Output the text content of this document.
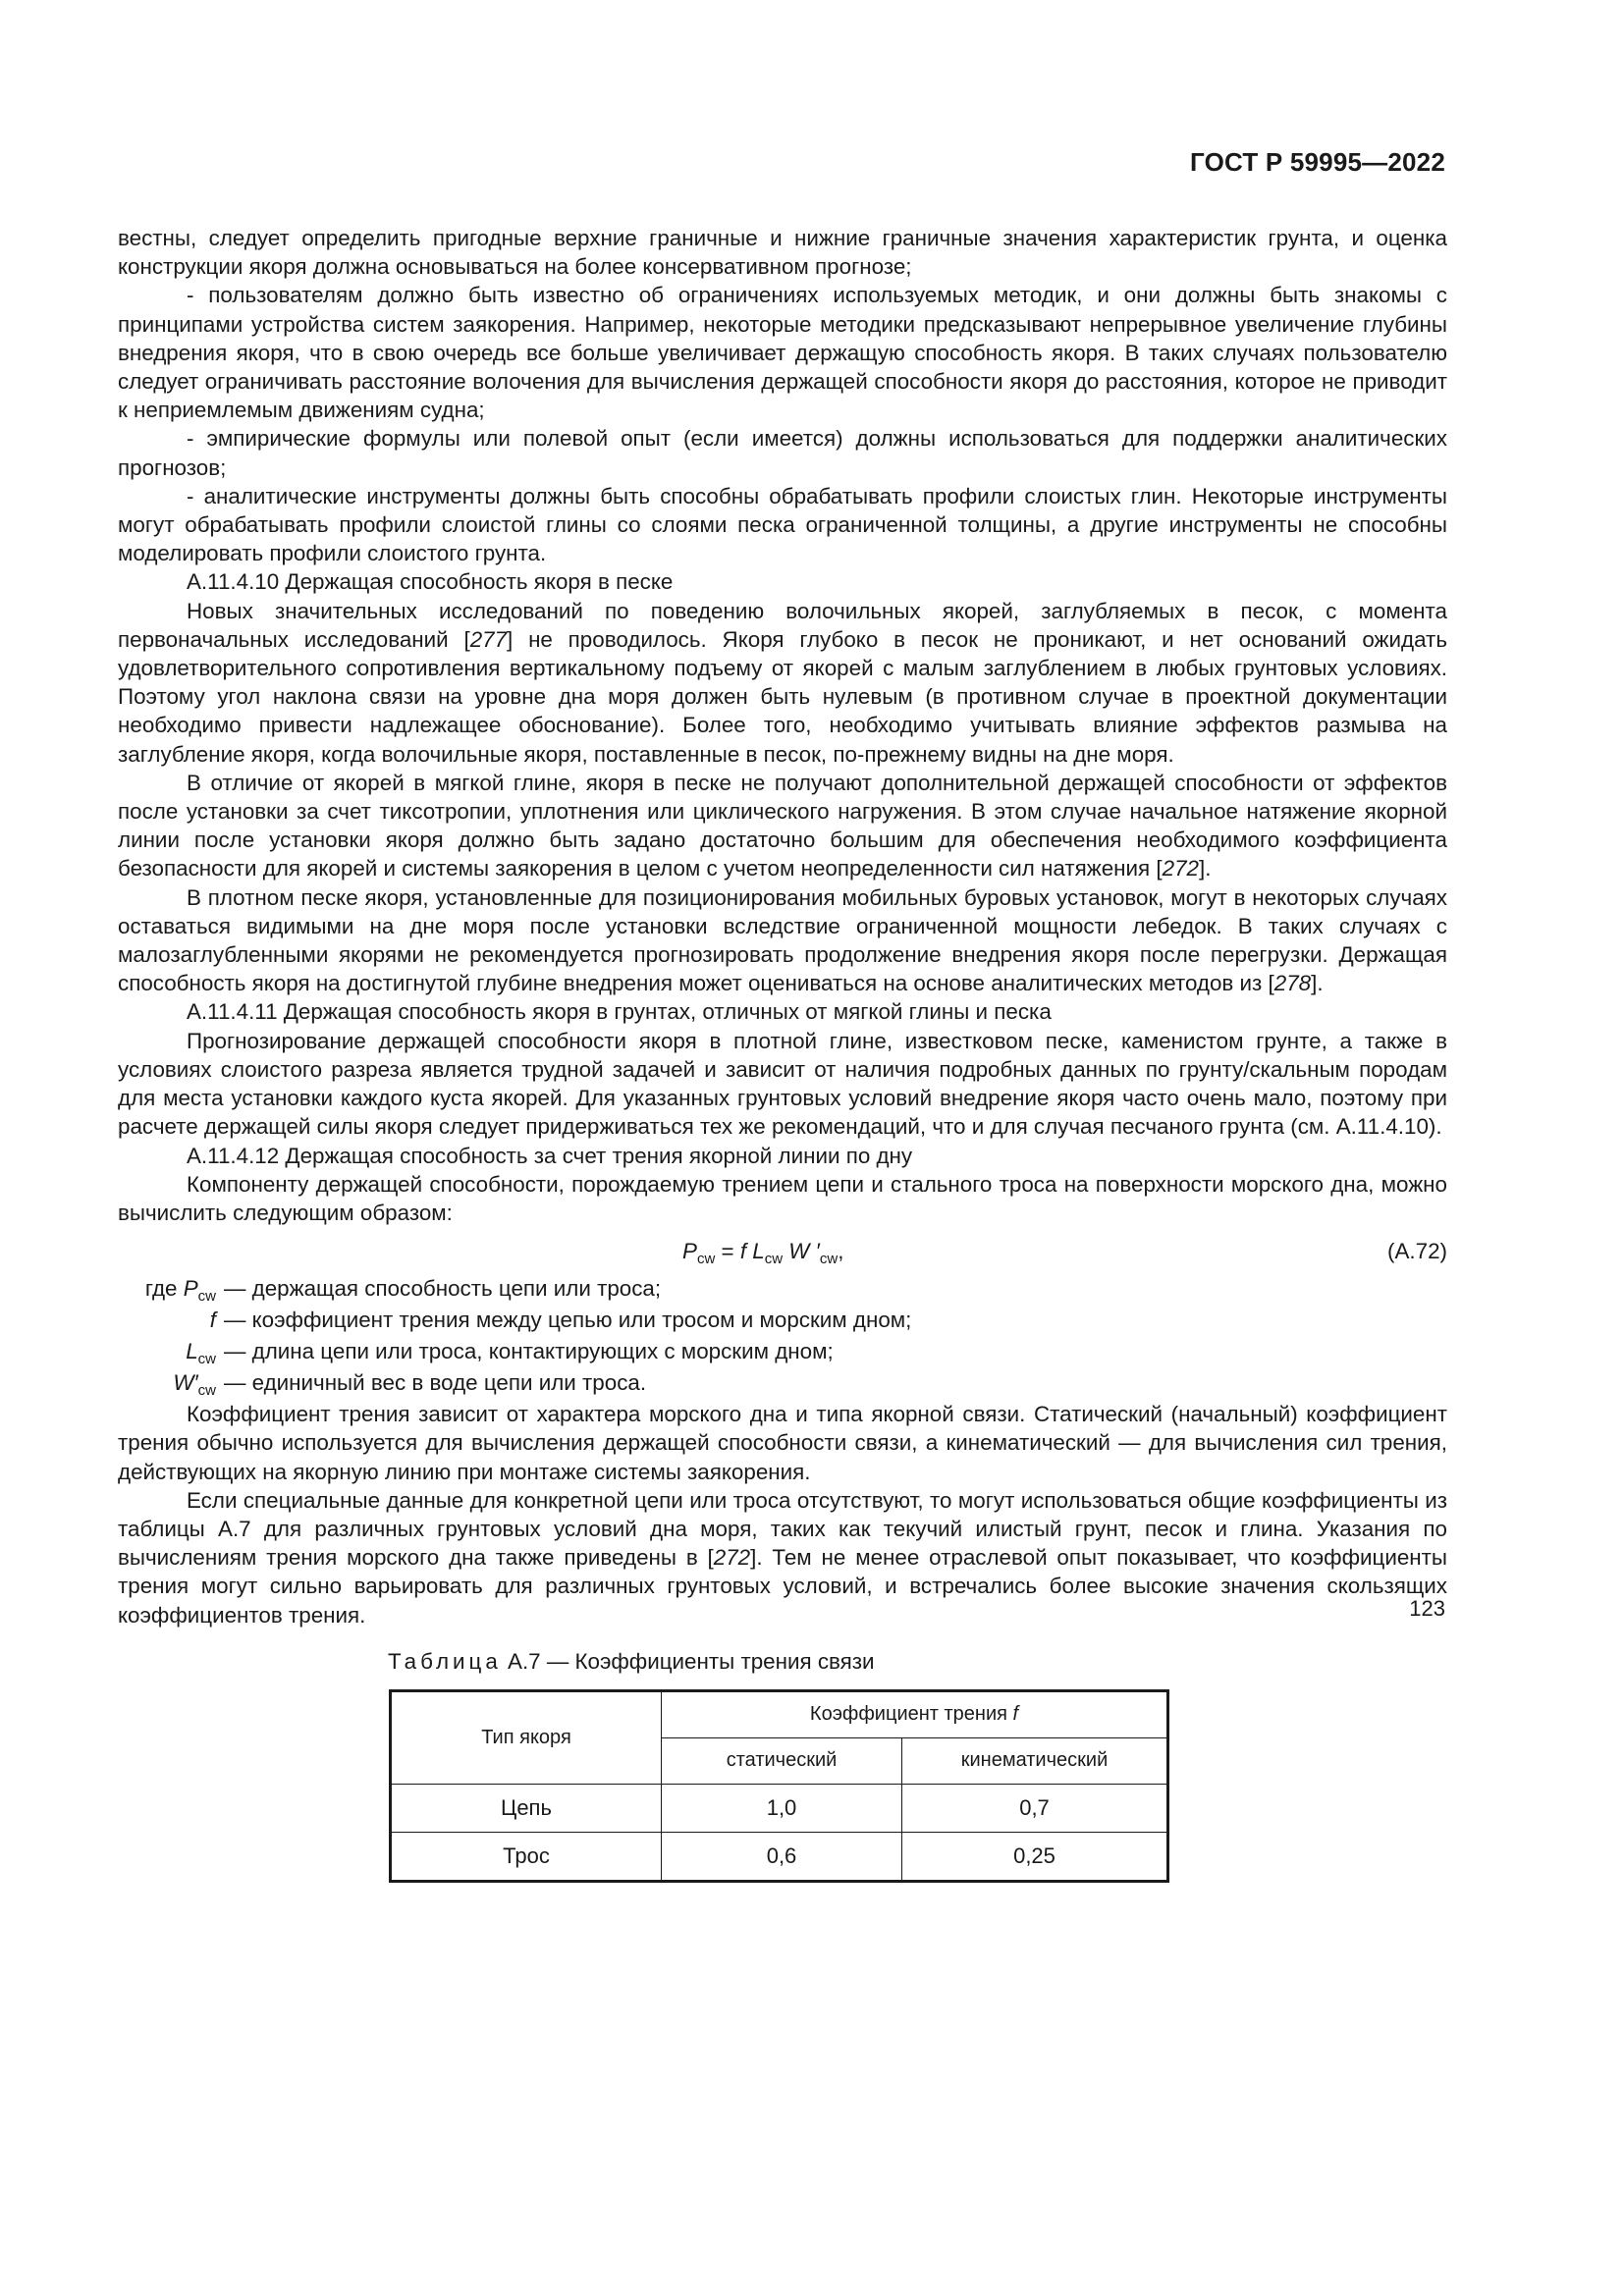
ГОСТ Р 59995—2022

вестны, следует определить пригодные верхние граничные и нижние граничные значения характеристик грунта, и оценка конструкции якоря должна основываться на более консервативном прогнозе;

- пользователям должно быть известно об ограничениях используемых методик, и они должны быть знакомы с принципами устройства систем заякорения. Например, некоторые методики предсказывают непрерывное увеличение глубины внедрения якоря, что в свою очередь все больше увеличивает держащую способность якоря. В таких случаях пользователю следует ограничивать расстояние волочения для вычисления держащей способности якоря до расстояния, которое не приводит к неприемлемым движениям судна;

- эмпирические формулы или полевой опыт (если имеется) должны использоваться для поддержки аналитических прогнозов;

- аналитические инструменты должны быть способны обрабатывать профили слоистых глин. Некоторые инструменты могут обрабатывать профили слоистой глины со слоями песка ограниченной толщины, а другие инструменты не способны моделировать профили слоистого грунта.

А.11.4.10 Держащая способность якоря в песке

Новых значительных исследований по поведению волочильных якорей, заглубляемых в песок, с момента первоначальных исследований [277] не проводилось. Якоря глубоко в песок не проникают, и нет оснований ожидать удовлетворительного сопротивления вертикальному подъему от якорей с малым заглублением в любых грунтовых условиях. Поэтому угол наклона связи на уровне дна моря должен быть нулевым (в противном случае в проектной документации необходимо привести надлежащее обоснование). Более того, необходимо учитывать влияние эффектов размыва на заглубление якоря, когда волочильные якоря, поставленные в песок, по-прежнему видны на дне моря.

В отличие от якорей в мягкой глине, якоря в песке не получают дополнительной держащей способности от эффектов после установки за счет тиксотропии, уплотнения или циклического нагружения. В этом случае начальное натяжение якорной линии после установки якоря должно быть задано достаточно большим для обеспечения необходимого коэффициента безопасности для якорей и системы заякорения в целом с учетом неопределенности сил натяжения [272].

В плотном песке якоря, установленные для позиционирования мобильных буровых установок, могут в некоторых случаях оставаться видимыми на дне моря после установки вследствие ограниченной мощности лебедок. В таких случаях с малозаглубленными якорями не рекомендуется прогнозировать продолжение внедрения якоря после перегрузки. Держащая способность якоря на достигнутой глубине внедрения может оцениваться на основе аналитических методов из [278].

А.11.4.11 Держащая способность якоря в грунтах, отличных от мягкой глины и песка

Прогнозирование держащей способности якоря в плотной глине, известковом песке, каменистом грунте, а также в условиях слоистого разреза является трудной задачей и зависит от наличия подробных данных по грунту/скальным породам для места установки каждого куста якорей. Для указанных грунтовых условий внедрение якоря часто очень мало, поэтому при расчете держащей силы якоря следует придерживаться тех же рекомендаций, что и для случая песчаного грунта (см. А.11.4.10).

А.11.4.12 Держащая способность за счет трения якорной линии по дну

Компоненту держащей способности, порождаемую трением цепи и стального троса на поверхности морского дна, можно вычислить следующим образом:

$P_{cw} = f$ $L_{cw}$ W $'_{cw}$,	(А.72)
где $P_{cw}$ — держащая способность цепи или троса;
f — коэффициент трения между цепью или тросом и морским дном;
$L_{cw}$ — длина цепи или троса, контактирующих с морским дном;
$W'_{cw}$ — единичный вес в воде цепи или троса.

Коэффициент трения зависит от характера морского дна и типа якорной связи. Статический (начальный) коэффициент трения обычно используется для вычисления держащей способности связи, а кинематический — для вычисления сил трения, действующих на якорную линию при монтаже системы заякорения.

Если специальные данные для конкретной цепи или троса отсутствуют, то могут использоваться общие коэффициенты из таблицы А.7 для различных грунтовых условий дна моря, таких как текучий илистый грунт, песок и глина. Указания по вычислениям трения морского дна также приведены в [272]. Тем не менее отраслевой опыт показывает, что коэффициенты трения могут сильно варьировать для различных грунтовых условий, и встречались более высокие значения скользящих коэффициентов трения.

Таблица А.7 — Коэффициенты трения связи
Тип якоря	Коэффициент трения f	
	статический	кинематический
Цепь	1,0	0,7
Трос	0,6	0,25
123
